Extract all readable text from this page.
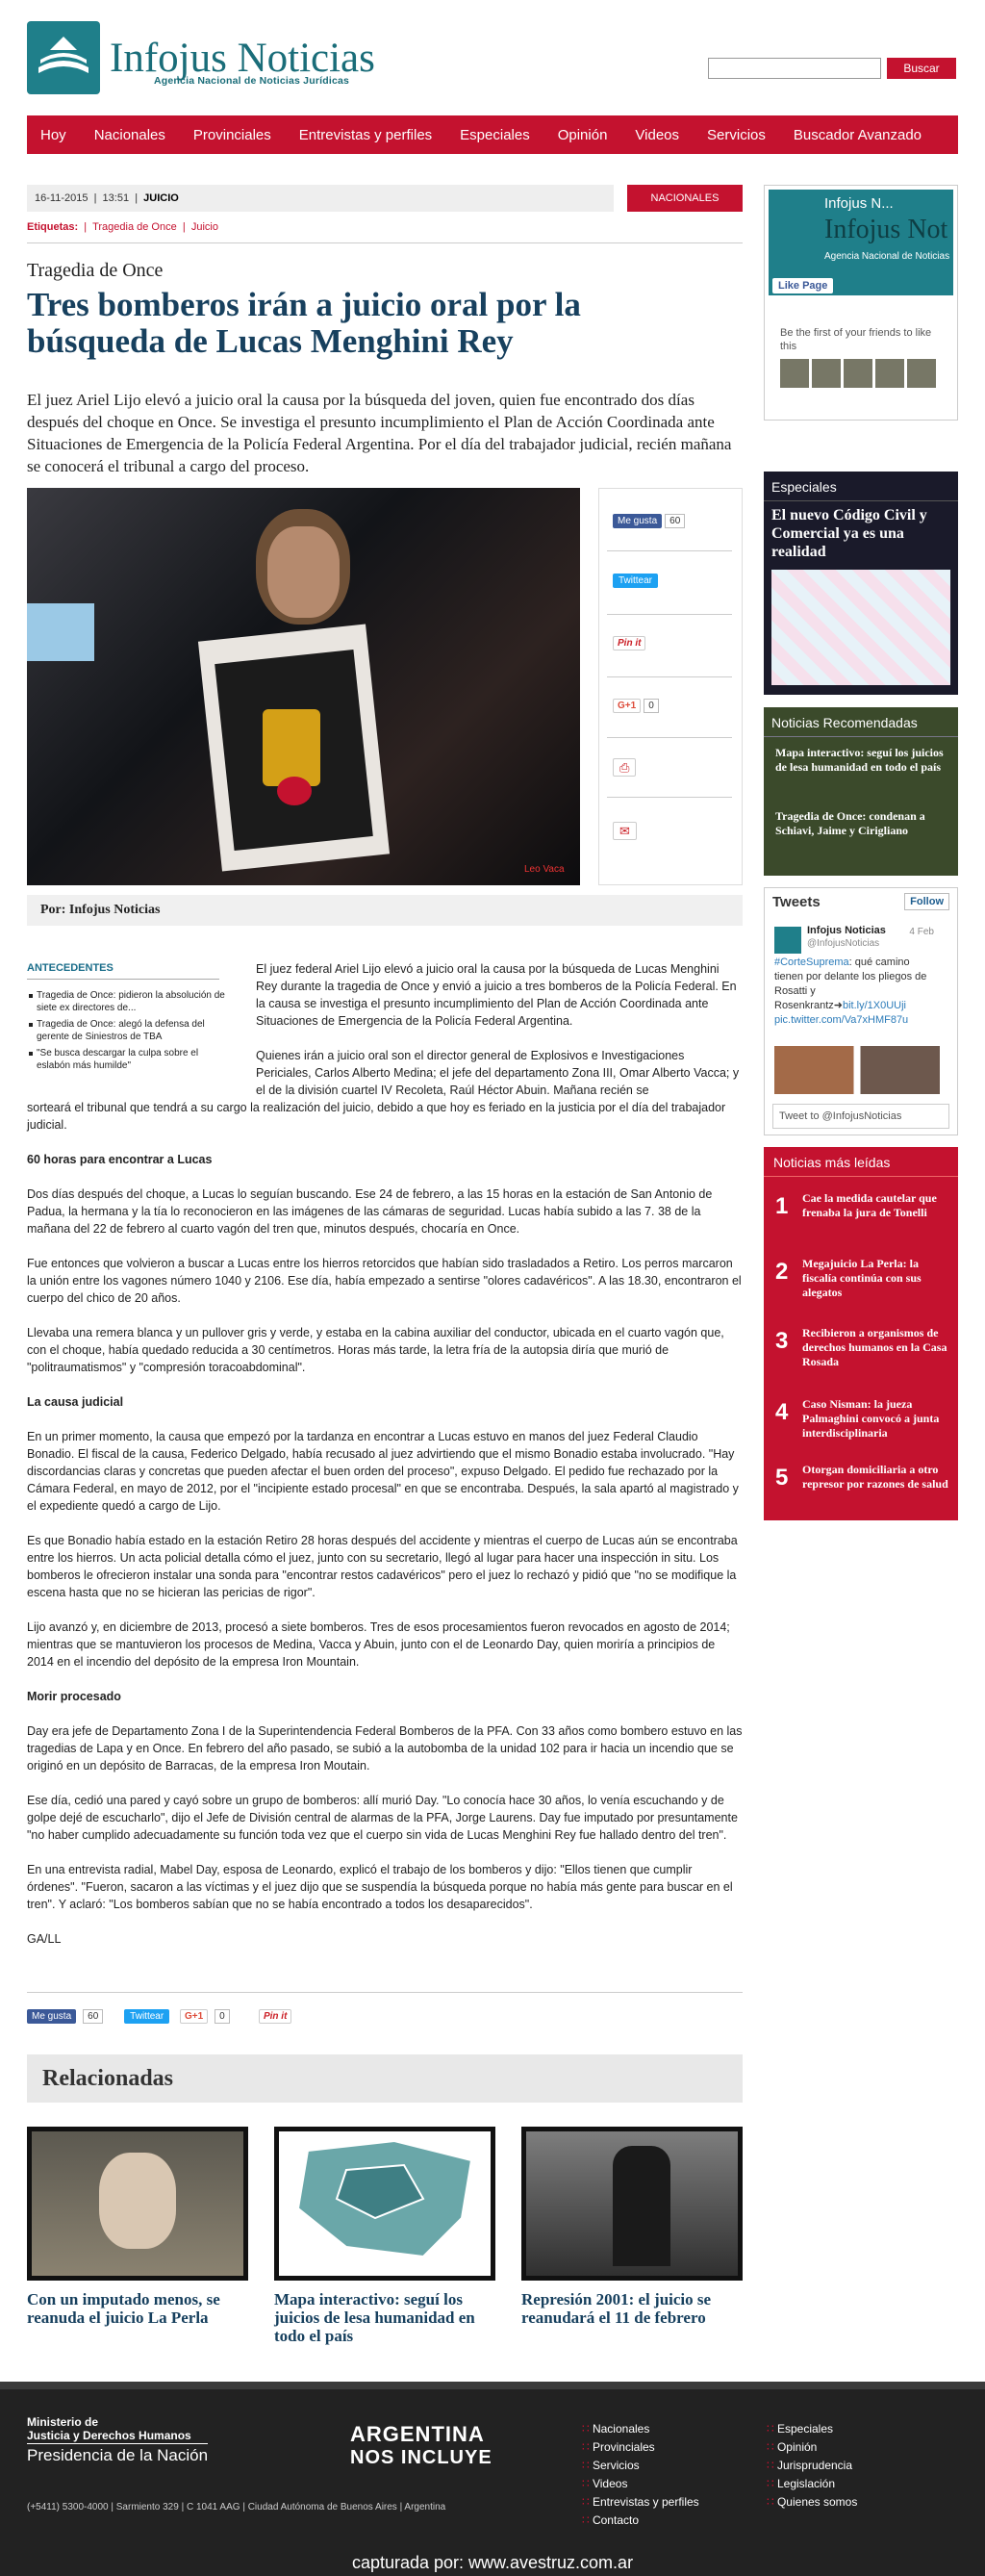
Infojus Noticias
Agencia Nacional de Noticias Jurídicas
Buscar
Hoy Nacionales Provinciales Entrevistas y perfiles Especiales Opinión Videos Servicios Buscador Avanzado
16-11-2015  |  13:51  |  JUICIO	NACIONALES
Etiquetas:  |  Tragedia de Once  |  Juicio
Tragedia de Once
Tres bomberos irán a juicio oral por la búsqueda de Lucas Menghini Rey
El juez Ariel Lijo elevó a juicio oral la causa por la búsqueda del joven, quien fue encontrado dos días después del choque en Once. Se investiga el presunto incumplimiento el Plan de Acción Coordinada ante Situaciones de Emergencia de la Policía Federal Argentina. Por el día del trabajador judicial, recién mañana se conocerá el tribunal a cargo del proceso.
Leo Vaca
Me gusta 60
Twittear
Pin it
G+1 0
⎙
✉
Por: Infojus Noticias
ANTECEDENTES
Tragedia de Once: pidieron la absolución de siete ex directores de...
Tragedia de Once: alegó la defensa del gerente de Siniestros de TBA
"Se busca descargar la culpa sobre el eslabón más humilde"

El juez federal Ariel Lijo elevó a juicio oral la causa por la búsqueda de Lucas Menghini Rey durante la tragedia de Once y envió a juicio a tres bomberos de la Policía Federal. En la causa se investiga el presunto incumplimiento del Plan de Acción Coordinada ante Situaciones de Emergencia de la Policía Federal Argentina.

Quienes irán a juicio oral son el director general de Explosivos e Investigaciones Periciales, Carlos Alberto Medina; el jefe del departamento Zona III, Omar Alberto Vacca; y el de la división cuartel IV Recoleta, Raúl Héctor Abuin. Mañana recién se

sorteará el tribunal que tendrá a su cargo la realización del juicio, debido a que hoy es feriado en la justicia por el día del trabajador judicial.

60 horas para encontrar a Lucas

Dos días después del choque, a Lucas lo seguían buscando. Ese 24 de febrero, a las 15 horas en la estación de San Antonio de Padua, la hermana y la tía lo reconocieron en las imágenes de las cámaras de seguridad. Lucas había subido a las 7. 38 de la mañana del 22 de febrero al cuarto vagón del tren que, minutos después, chocaría en Once.

Fue entonces que volvieron a buscar a Lucas entre los hierros retorcidos que habían sido trasladados a Retiro. Los perros marcaron la unión entre los vagones número 1040 y 2106. Ese día, había empezado a sentirse "olores cadavéricos". A las 18.30, encontraron el cuerpo del chico de 20 años.

Llevaba una remera blanca y un pullover gris y verde, y estaba en la cabina auxiliar del conductor, ubicada en el cuarto vagón que, con el choque, había quedado reducida a 30 centímetros. Horas más tarde, la letra fría de la autopsia diría que murió de "politraumatismos" y "compresión toracoabdominal".

La causa judicial

En un primer momento, la causa que empezó por la tardanza en encontrar a Lucas estuvo en manos del juez Federal Claudio Bonadio. El fiscal de la causa, Federico Delgado, había recusado al juez advirtiendo que el mismo Bonadio estaba involucrado. "Hay discordancias claras y concretas que pueden afectar el buen orden del proceso", expuso Delgado. El pedido fue rechazado por la Cámara Federal, en mayo de 2012, por el "incipiente estado procesal" en que se encontraba. Después, la sala apartó al magistrado y el expediente quedó a cargo de Lijo.

Es que Bonadio había estado en la estación Retiro 28 horas después del accidente y mientras el cuerpo de Lucas aún se encontraba entre los hierros. Un acta policial detalla cómo el juez, junto con su secretario, llegó al lugar para hacer una inspección in situ. Los bomberos le ofrecieron instalar una sonda para "encontrar restos cadavéricos" pero el juez lo rechazó y pidió que "no se modifique la escena hasta que no se hicieran las pericias de rigor".

Lijo avanzó y, en diciembre de 2013, procesó a siete bomberos. Tres de esos procesamientos fueron revocados en agosto de 2014; mientras que se mantuvieron los procesos de Medina, Vacca y Abuin, junto con el de Leonardo Day, quien moriría a principios de 2014 en el incendio del depósito de la empresa Iron Mountain.

Morir procesado

Day era jefe de Departamento Zona I de la Superintendencia Federal Bomberos de la PFA. Con 33 años como bombero estuvo en las tragedias de Lapa y en Once. En febrero del año pasado, se subió a la autobomba de la unidad 102 para ir hacia un incendio que se originó en un depósito de Barracas, de la empresa Iron Moutain.

Ese día, cedió una pared y cayó sobre un grupo de bomberos: allí murió Day. "Lo conocía hace 30 años, lo venía escuchando y de golpe dejé de escucharlo", dijo el Jefe de División central de alarmas de la PFA, Jorge Laurens. Day fue imputado por presuntamente "no haber cumplido adecuadamente su función toda vez que el cuerpo sin vida de Lucas Menghini Rey fue hallado dentro del tren".

En una entrevista radial, Mabel Day, esposa de Leonardo, explicó el trabajo de los bomberos y dijo: "Ellos tienen que cumplir órdenes". "Fueron, sacaron a las víctimas y el juez dijo que se suspendía la búsqueda porque no había más gente para buscar en el tren". Y aclaró: "Los bomberos sabían que no se había encontrado a todos los desaparecidos".

GA/LL

Me gusta 60	Twittear G+1 0	Pin it
Relacionadas
Con un imputado menos, se reanuda el juicio La Perla
Mapa interactivo: seguí los juicios de lesa humanidad en todo el país
Represión 2001: el juicio se reanudará el 11 de febrero
Infojus N...
Infojus Not
Agencia Nacional de Noticias
Like Page
Be the first of your friends to like this
Especiales
El nuevo Código Civil y Comercial ya es una realidad
Noticias Recomendadas
Mapa interactivo: seguí los juicios de lesa humanidad en todo el país
Tragedia de Once: condenan a Schiavi, Jaime y Cirigliano
Tweets	Follow
Infojus Noticias
@InfojusNoticias
4 Feb
#CorteSuprema: qué camino tienen por delante los pliegos de Rosatti y Rosenkrantz➜bit.ly/1X0UUji pic.twitter.com/Va7xHMF87u
Tweet to @InfojusNoticias
Noticias más leídas
1 Cae la medida cautelar que frenaba la jura de Tonelli
2 Megajuicio La Perla: la fiscalía continúa con sus alegatos
3 Recibieron a organismos de derechos humanos en la Casa Rosada
4 Caso Nisman: la jueza Palmaghini convocó a junta interdisciplinaria
5 Otorgan domiciliaria a otro represor por razones de salud
Ministerio de
Justicia y Derechos Humanos
Presidencia de la Nación
ARGENTINA
NOS INCLUYE
(+5411) 5300-4000 | Sarmiento 329 | C 1041 AAG | Ciudad Autónoma de Buenos Aires | Argentina
∷ Nacionales
∷ Provinciales
∷ Servicios
∷ Videos
∷ Entrevistas y perfiles
∷ Contacto
∷ Especiales
∷ Opinión
∷ Jurisprudencia
∷ Legislación
∷ Quienes somos
capturada por: www.avestruz.com.ar
